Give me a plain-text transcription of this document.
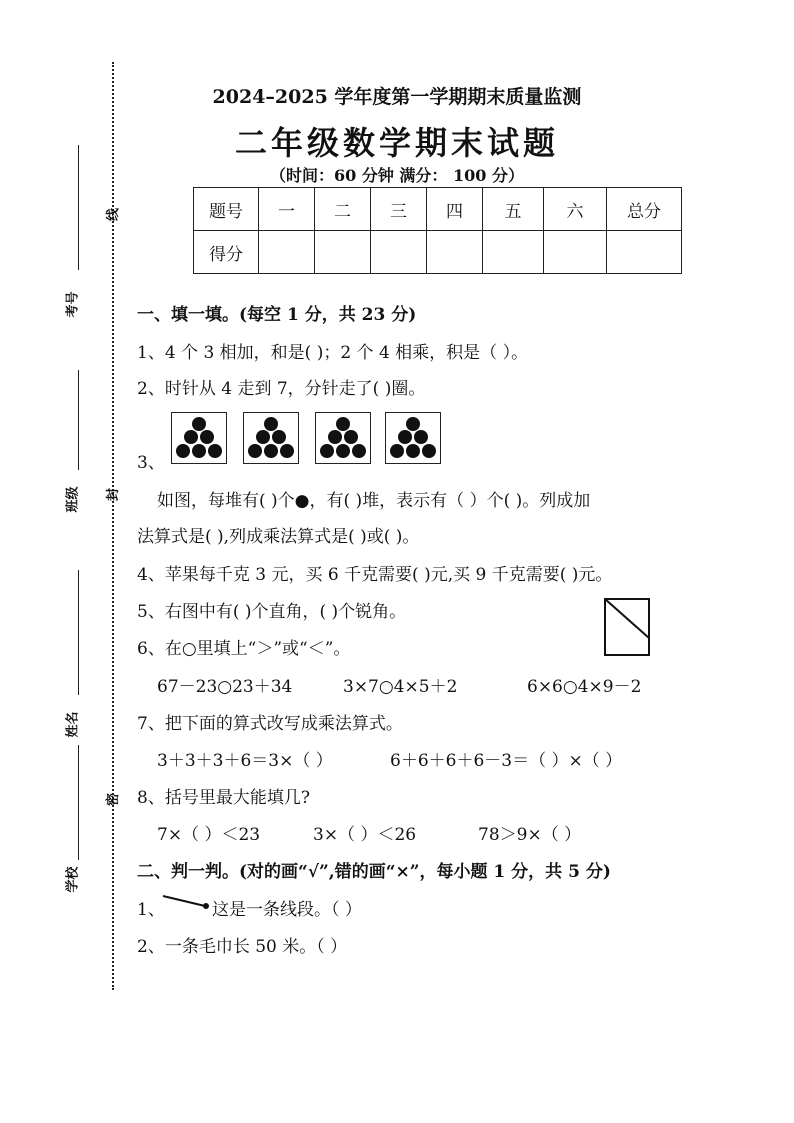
考号
班级
姓名
学校
线
封
密
2024–2025 学年度第一学期期末质量监测
二年级数学期末试题
（时间：60 分钟 满分： 100 分）
题号	一	二	三	四	五	六	总分
得分							
一、填一填。(每空 1 分，共 23 分)
1、4 个 3 相加，和是( )；2 个 4 相乘，积是（ ）。
2、时针从 4 走到 7，分针走了( )圈。
3、
如图，每堆有( )个●，有( )堆，表示有（ ）个( )。列成加
法算式是( ),列成乘法算式是( )或( )。
4、苹果每千克 3 元，买 6 千克需要( )元,买 9 千克需要( )元。
5、右图中有( )个直角，( )个锐角。
6、在○里填上“＞”或“＜”。
67－23○23＋34	3×7○4×5＋2	6×6○4×9－2
7、把下面的算式改写成乘法算式。
3＋3＋3＋6＝3×（ ）	6＋6＋6＋6－3＝（ ）×（ ）
8、括号里最大能填几?
7×（ ）＜23	3×（ ）＜26	78＞9×（ ）
二、判一判。(对的画“√”,错的画“×”，每小题 1 分，共 5 分)
1、	这是一条线段。（ ）
2、一条毛巾长 50 米。（ ）
